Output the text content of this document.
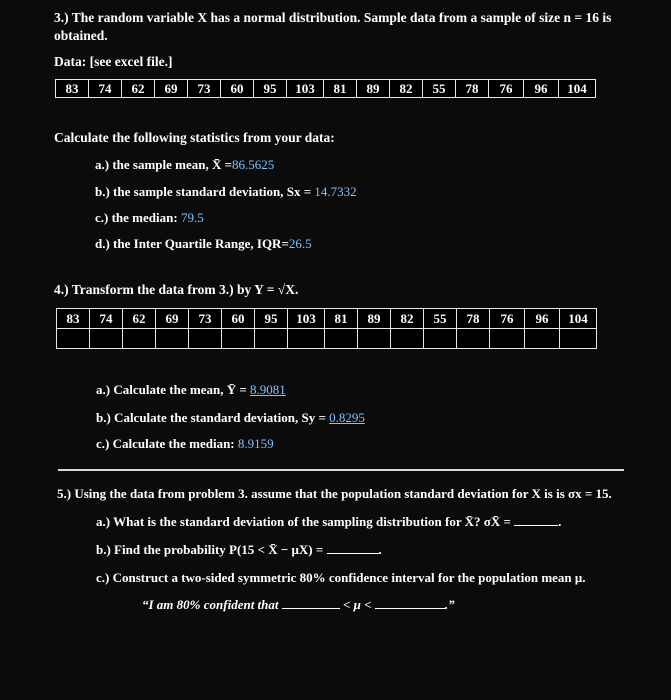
3.) The random variable X has a normal distribution. Sample data from a sample of size n = 16 is
obtained.
Data: [see excel file.]
83	74	62	69	73	60	95	103	81	89	82	55	78	76	96	104
Calculate the following statistics from your data:
a.) the sample mean, X̄ =86.5625
b.) the sample standard deviation, Sx = 14.7332
c.) the median: 79.5
d.) the Inter Quartile Range, IQR=26.5
4.) Transform the data from 3.) by Y = √X.
83	74	62	69	73	60	95	103	81	89	82	55	78	76	96	104

a.) Calculate the mean, Ȳ = 8.9081
b.) Calculate the standard deviation, Sy = 0.8295
c.) Calculate the median: 8.9159
5.) Using the data from problem 3. assume that the population standard deviation for X is is σx = 15.
a.) What is the standard deviation of the sampling distribution for X̄? σX̄ =	.
b.) Find the probability P(15 < X̄ − μX) =	.
c.) Construct a two-sided symmetric 80% confidence interval for the population mean μ.
“I am 80% confident that	< μ <	.”
